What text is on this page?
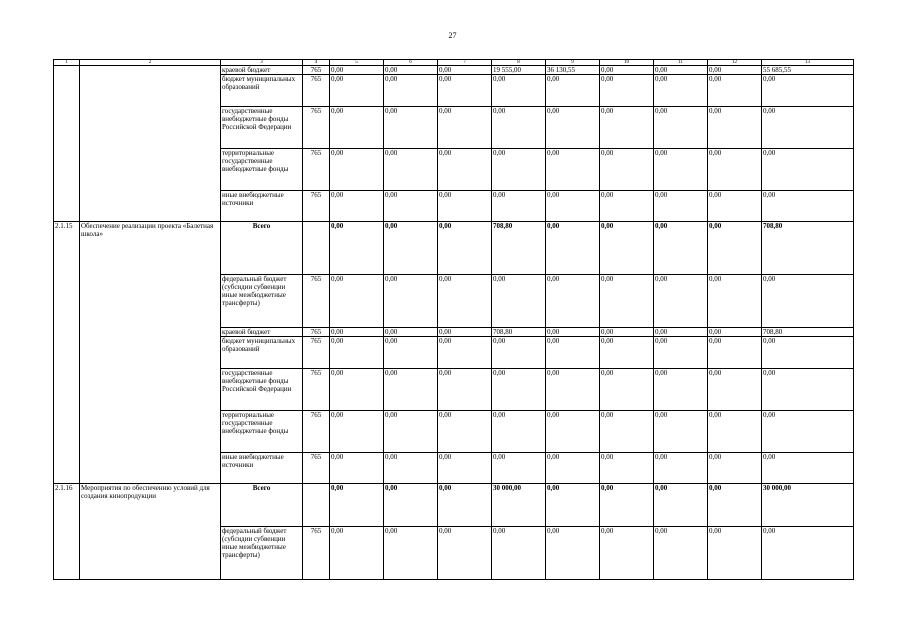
27
1	2	3	4	5	6	7	8	9	10	11	12	13
		краевой бюджет	765	0,00	0,00	0,00	19 555,00	36 130,55	0,00	0,00	0,00	55 685,55
		бюджет муниципальных образований	765	0,00	0,00	0,00	0,00	0,00	0,00	0,00	0,00	0,00
		государственные внебюджетные фонды Российской Федерации	765	0,00	0,00	0,00	0,00	0,00	0,00	0,00	0,00	0,00
		территориальные государственные внебюджетные фонды	765	0,00	0,00	0,00	0,00	0,00	0,00	0,00	0,00	0,00
		иные внебюджетные источники	765	0,00	0,00	0,00	0,00	0,00	0,00	0,00	0,00	0,00
2.1.15	Обеспечение реализации проекта «Балетная школа»	Всего		0,00	0,00	0,00	708,80	0,00	0,00	0,00	0,00	708,80
		федеральный бюджет (субсидии субвенции иные межбюджетные трансферты)	765	0,00	0,00	0,00	0,00	0,00	0,00	0,00	0,00	0,00
		краевой бюджет	765	0,00	0,00	0,00	708,80	0,00	0,00	0,00	0,00	708,80
		бюджет муниципальных образований	765	0,00	0,00	0,00	0,00	0,00	0,00	0,00	0,00	0,00
		государственные внебюджетные фонды Российской Федерации	765	0,00	0,00	0,00	0,00	0,00	0,00	0,00	0,00	0,00
		территориальные государственные внебюджетные фонды	765	0,00	0,00	0,00	0,00	0,00	0,00	0,00	0,00	0,00
		иные внебюджетные источники	765	0,00	0,00	0,00	0,00	0,00	0,00	0,00	0,00	0,00
2.1.16	Мероприятия по обеспечению условий для создания кинопродукции	Всего		0,00	0,00	0,00	30 000,00	0,00	0,00	0,00	0,00	30 000,00
		федеральный бюджет (субсидии субвенции иные межбюджетные трансферты)	765	0,00	0,00	0,00	0,00	0,00	0,00	0,00	0,00	0,00
